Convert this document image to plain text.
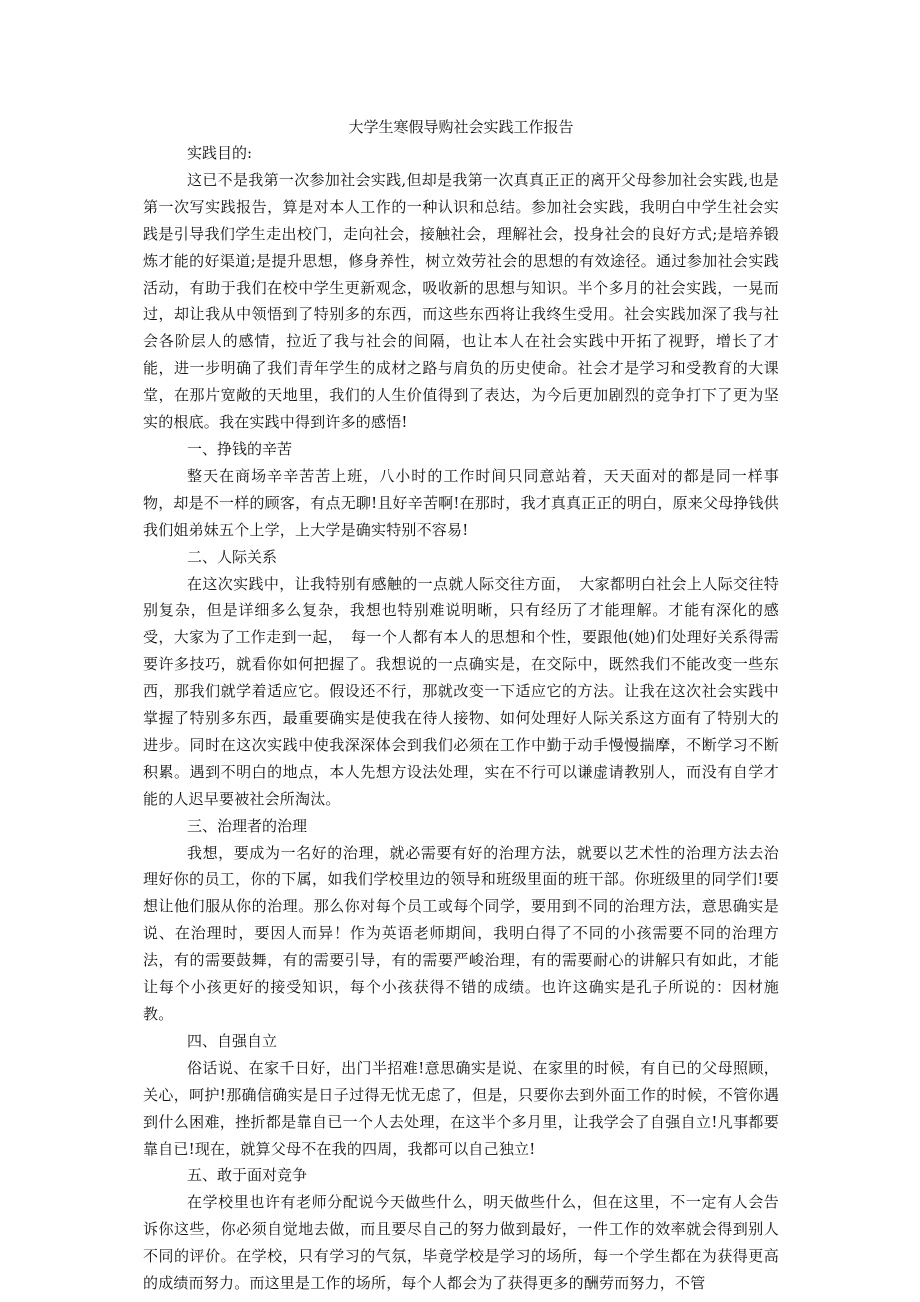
大学生寒假导购社会实践工作报告

实践目的:

这已不是我第一次参加社会实践,但却是我第一次真真正正的离开父母参加社会实践,也是第一次写实践报告，算是对本人工作的一种认识和总结。参加社会实践，我明白中学生社会实践是引导我们学生走出校门，走向社会，接触社会，理解社会，投身社会的良好方式;是培养锻炼才能的好渠道;是提升思想，修身养性，树立效劳社会的思想的有效途径。通过参加社会实践活动，有助于我们在校中学生更新观念，吸收新的思想与知识。半个多月的社会实践，一晃而过，却让我从中领悟到了特别多的东西，而这些东西将让我终生受用。社会实践加深了我与社会各阶层人的感情，拉近了我与社会的间隔，也让本人在社会实践中开拓了视野，增长了才能，进一步明确了我们青年学生的成材之路与肩负的历史使命。社会才是学习和受教育的大课堂，在那片宽敞的天地里，我们的人生价值得到了表达，为今后更加剧烈的竞争打下了更为坚实的根底。我在实践中得到许多的感悟!

一、挣钱的辛苦

整天在商场辛辛苦苦上班，八小时的工作时间只同意站着，天天面对的都是同一样事物，却是不一样的顾客，有点无聊!且好辛苦啊!在那时，我才真真正正的明白，原来父母挣钱供我们姐弟妹五个上学，上大学是确实特别不容易!

二、人际关系

在这次实践中，让我特别有感触的一点就人际交往方面，　大家都明白社会上人际交往特别复杂，但是详细多么复杂，我想也特别难说明晰，只有经历了才能理解。才能有深化的感受，大家为了工作走到一起，　每一个人都有本人的思想和个性，要跟他(她)们处理好关系得需要许多技巧，就看你如何把握了。我想说的一点确实是，在交际中，既然我们不能改变一些东西，那我们就学着适应它。假设还不行，那就改变一下适应它的方法。让我在这次社会实践中掌握了特别多东西，最重要确实是使我在待人接物、如何处理好人际关系这方面有了特别大的进步。同时在这次实践中使我深深体会到我们必须在工作中勤于动手慢慢揣摩，不断学习不断积累。遇到不明白的地点，本人先想方设法处理，实在不行可以谦虚请教别人，而没有自学才能的人迟早要被社会所淘汰。

三、治理者的治理

我想，要成为一名好的治理，就必需要有好的治理方法，就要以艺术性的治理方法去治理好你的员工，你的下属，如我们学校里边的领导和班级里面的班干部。你班级里的同学们!要想让他们服从你的治理。那么你对每个员工或每个同学，要用到不同的治理方法，意思确实是说、在治理时，要因人而异！作为英语老师期间，我明白得了不同的小孩需要不同的治理方法，有的需要鼓舞，有的需要引导，有的需要严峻治理，有的需要耐心的讲解只有如此，才能让每个小孩更好的接受知识，每个小孩获得不错的成绩。也许这确实是孔子所说的：因材施教。

四、自强自立

俗话说、在家千日好，出门半招难!意思确实是说、在家里的时候，有自已的父母照顾，关心，呵护!那确信确实是日子过得无忧无虑了，但是，只要你去到外面工作的时候，不管你遇到什么困难，挫折都是靠自已一个人去处理，在这半个多月里，让我学会了自强自立!凡事都要靠自已!现在，就算父母不在我的四周，我都可以自己独立!

五、敢于面对竞争

在学校里也许有老师分配说今天做些什么，明天做些什么，但在这里，不一定有人会告诉你这些，你必须自觉地去做，而且要尽自己的努力做到最好，一件工作的效率就会得到别人不同的评价。在学校，只有学习的气氛，毕竟学校是学习的场所，每一个学生都在为获得更高的成绩而努力。而这里是工作的场所，每个人都会为了获得更多的酬劳而努力，不管
